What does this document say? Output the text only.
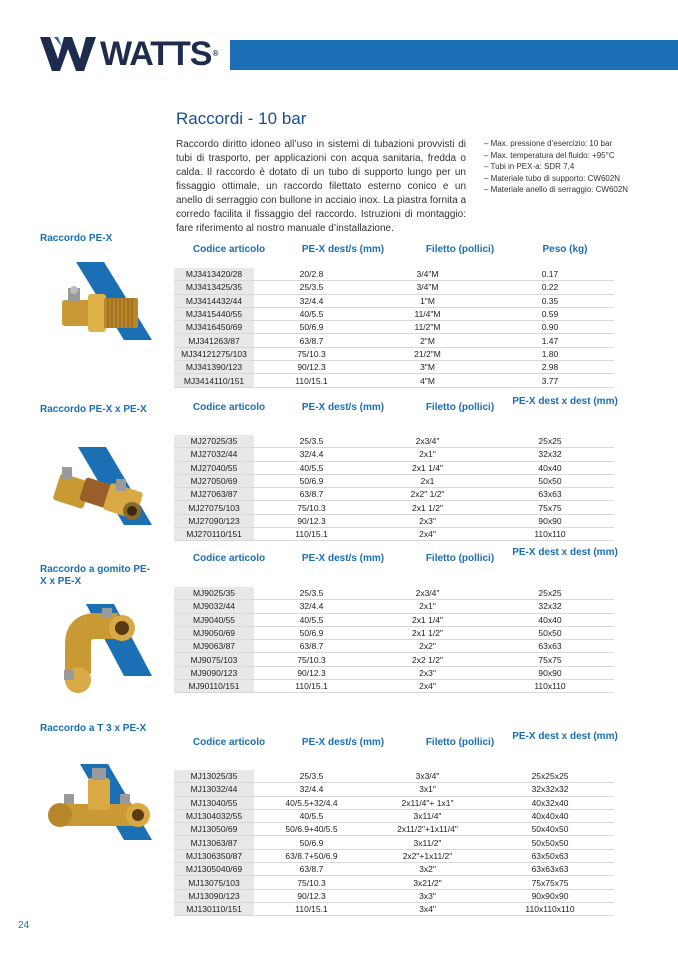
WATTS®
Raccordi - 10 bar
Raccordo diritto idoneo all’uso in sistemi di tubazioni provvisti di tubi di trasporto, per applicazioni con acqua sanitaria, fredda o calda. Il raccordo è dotato di un tubo di supporto lungo per un fissaggio ottimale, un raccordo filettato esterno conico e un anello di serraggio con bullone in acciaio inox. La piastra fornita a corredo facilita il fissaggio del raccordo. Istruzioni di montaggio: fare riferimento al nostro manuale d’installazione.
– Max. pressione d’esercizio: 10 bar
– Max. temperatura del fluido: +95°C
– Tubi in PEX-a: SDR 7,4
– Materiale tubo di supporto: CW602N
– Materiale anello di serraggio: CW602N
Raccordo PE-X
Codice articolo	PE-X dest/s (mm)	Filetto (pollici)	Peso (kg)
MJ3413420/28	20/2.8	3/4"M	0.17
MJ3413425/35	25/3.5	3/4"M	0.22
MJ3414432/44	32/4.4	1"M	0.35
MJ3415440/55	40/5.5	11/4"M	0.59
MJ3416450/69	50/6.9	11/2"M	0.90
MJ341263/87	63/8.7	2"M	1.47
MJ34121275/103	75/10.3	21/2"M	1.80
MJ341390/123	90/12.3	3"M	2.98
MJ3414110/151	110/15.1	4"M	3.77
Raccordo PE-X x PE-X	Codice articolo	PE-X dest/s (mm)	Filetto (pollici)
PE-X dest x dest (mm)
MJ27025/35	25/3.5	2x3/4"	25x25
MJ27032/44	32/4.4	2x1"	32x32
MJ27040/55	40/5.5	2x1 1/4"	40x40
MJ27050/69	50/6.9	2x1	50x50
MJ27063/87	63/8.7	2x2" 1/2"	63x63
MJ27075/103	75/10.3	2x1 1/2"	75x75
MJ27090/123	90/12.3	2x3"	90x90
MJ270110/151	110/15.1	2x4"	110x110
Raccordo a gomito PE-X x PE-X
Codice articolo	PE-X dest/s (mm)	Filetto (pollici)
PE-X dest x dest (mm)
MJ9025/35	25/3.5	2x3/4"	25x25
MJ9032/44	32/4.4	2x1"	32x32
MJ9040/55	40/5.5	2x1 1/4"	40x40
MJ9050/69	50/6.9	2x1 1/2"	50x50
MJ9063/87	63/8.7	2x2"	63x63
MJ9075/103	75/10.3	2x2 1/2"	75x75
MJ9090/123	90/12.3	2x3"	90x90
MJ90110/151	110/15.1	2x4"	110x110
Raccordo a T 3 x PE-X
Codice articolo	PE-X dest/s (mm)	Filetto (pollici)
PE-X dest x dest (mm)
MJ13025/35	25/3.5	3x3/4"	25x25x25
MJ13032/44	32/4.4	3x1"	32x32x32
MJ13040/55	40/5.5+32/4.4	2x11/4"+ 1x1"	40x32x40
MJ1304032/55	40/5.5	3x11/4"	40x40x40
MJ13050/69	50/6.9+40/5.5	2x11/2"+1x11/4"	50x40x50
MJ13063/87	50/6.9	3x11/2"	50x50x50
MJ1306350/87	63/8.7+50/6.9	2x2"+1x11/2"	63x50x63
MJ1305040/69	63/8.7	3x2"	63x63x63
MJ13075/103	75/10.3	3x21/2"	75x75x75
MJ13090/123	90/12.3	3x3"	90x90x90
MJ130110/151	110/15.1	3x4"	110x110x110
24
